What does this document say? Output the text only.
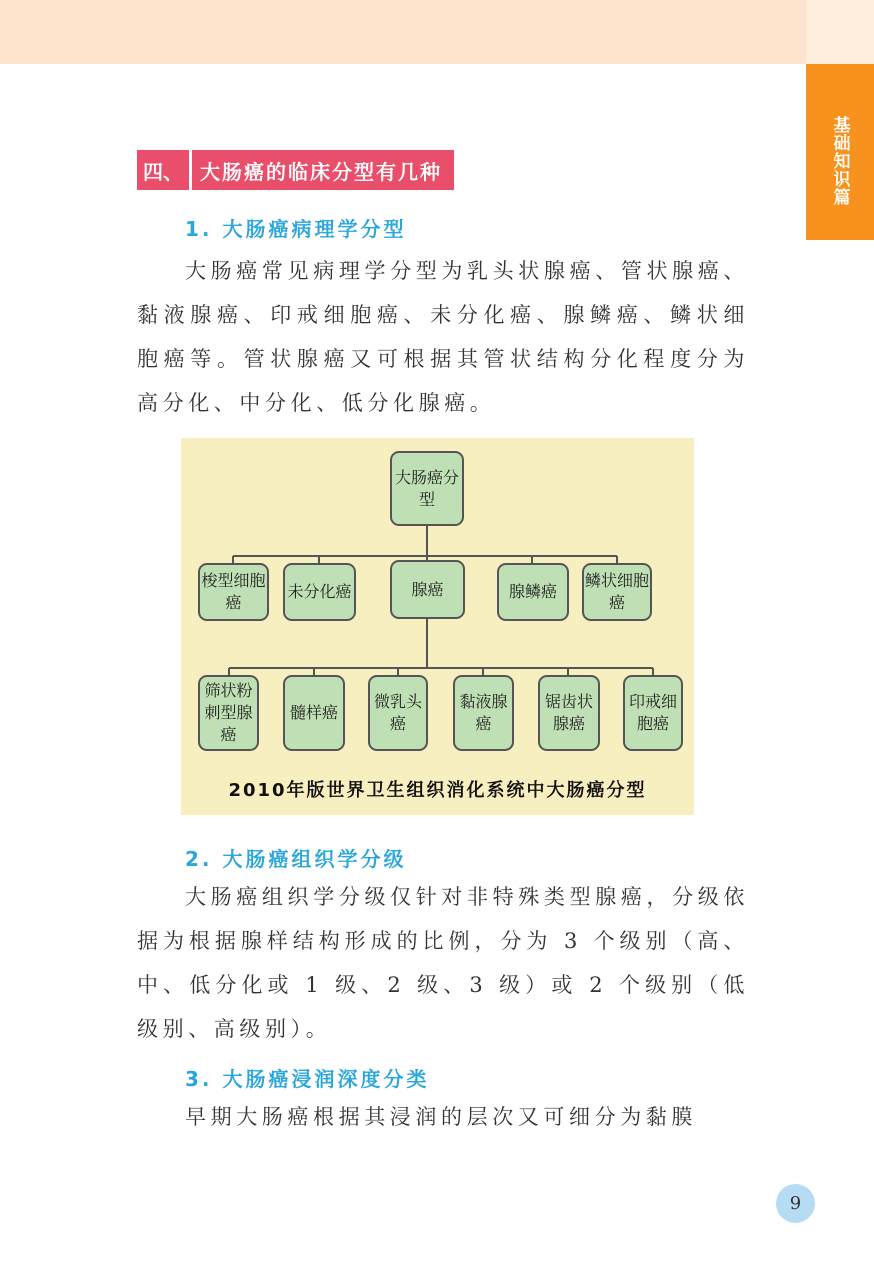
基础知识篇
四、 大肠癌的临床分型有几种
1. 大肠癌病理学分型
大肠癌常见病理学分型为乳头状腺癌、管状腺癌、黏液腺癌、印戒细胞癌、未分化癌、腺鳞癌、鳞状细胞癌等。管状腺癌又可根据其管状结构分化程度分为高分化、中分化、低分化腺癌。
大肠癌分型
梭型细胞癌
未分化癌	腺癌	腺鳞癌
鳞状细胞癌
筛状粉刺型腺癌
髓样癌
微乳头癌
黏液腺癌
锯齿状腺癌
印戒细胞癌
2010年版世界卫生组织消化系统中大肠癌分型
2. 大肠癌组织学分级
大肠癌组织学分级仅针对非特殊类型腺癌，分级依据为根据腺样结构形成的比例，分为 3 个级别（高、中、低分化或 1 级、2 级、3 级）或 2 个级别（低级别、高级别）。
3. 大肠癌浸润深度分类
早期大肠癌根据其浸润的层次又可细分为黏膜
9
